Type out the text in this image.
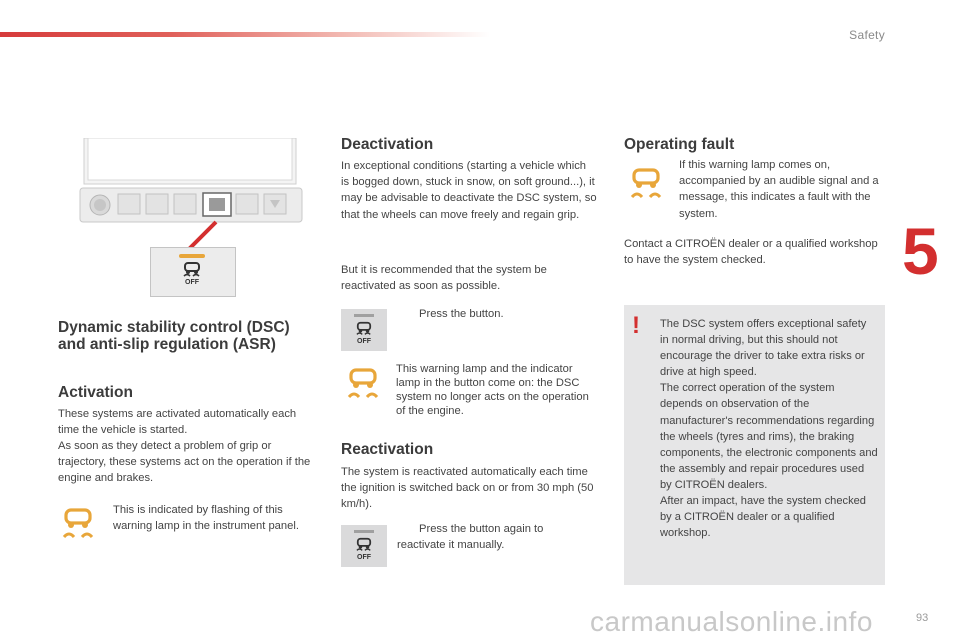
Safety
5
93
OFF
Dynamic stability control (DSC) and anti-slip regulation (ASR)
Activation

These systems are activated automatically each time the vehicle is started.

As soon as they detect a problem of grip or trajectory, these systems act on the operation if the engine and brakes.

This is indicated by flashing of this warning lamp in the instrument panel.

Deactivation

In exceptional conditions (starting a vehicle which is bogged down, stuck in snow, on soft ground...), it may be advisable to deactivate the DSC system, so that the wheels can move freely and regain grip.

But it is recommended that the system be reactivated as soon as possible.

OFF
Press the button.

This warning lamp and the indicator lamp in the button come on: the DSC system no longer acts on the operation of the engine.

Reactivation

The system is reactivated automatically each time the ignition is switched back on or from 30 mph (50 km/h).

OFF
Press the button again to reactivate it manually.
Operating fault

If this warning lamp comes on, accompanied by an audible signal and a message, this indicates a fault with the system.

Contact a CITROËN dealer or a qualified workshop to have the system checked.

! The DSC system offers exceptional safety in normal driving, but this should not encourage the driver to take extra risks or drive at high speed.
The correct operation of the system depends on observation of the manufacturer's recommendations regarding the wheels (tyres and rims), the braking components, the electronic components and the assembly and repair procedures used by CITROËN dealers.
After an impact, have the system checked by a CITROËN dealer or a qualified workshop.
carmanualsonline.info
